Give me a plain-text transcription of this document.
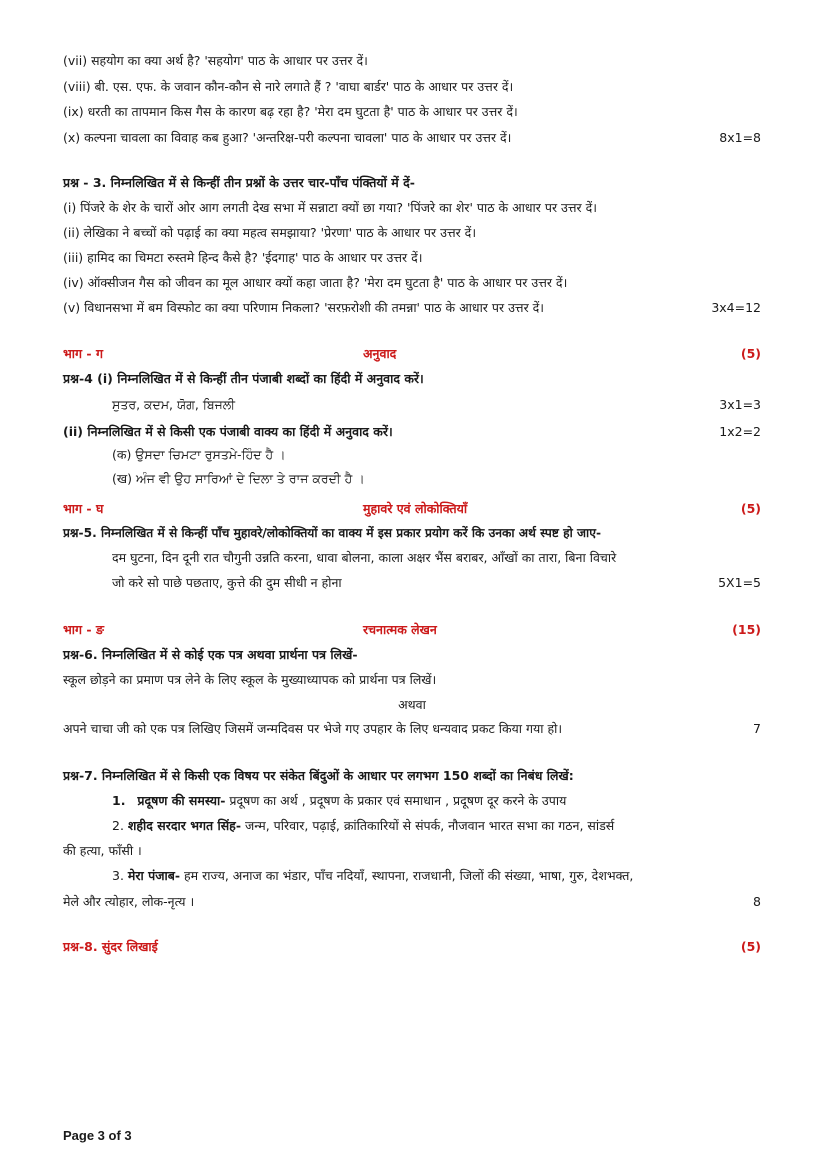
(vii) सहयोग का क्या अर्थ है? 'सहयोग' पाठ के आधार पर उत्तर दें।
(viii) बी. एस. एफ. के जवान कौन-कौन से नारे लगाते हैं ? 'वाघा बार्डर' पाठ के आधार पर उत्तर दें।
(ix) धरती का तापमान किस गैस के कारण बढ़ रहा है? 'मेरा दम घुटता है' पाठ के आधार पर उत्तर दें।
(x) कल्पना चावला का विवाह कब हुआ? 'अन्तरिक्ष-परी कल्पना चावला' पाठ के आधार पर उत्तर दें।	8x1=8
प्रश्न - 3. निम्नलिखित में से किन्हीं तीन प्रश्नों के उत्तर चार-पाँच पंक्तियों में दें-
(i) पिंजरे के शेर के चारों ओर आग लगती देख सभा में सन्नाटा क्यों छा गया? 'पिंजरे का शेर' पाठ के आधार पर उत्तर दें।
(ii) लेखिका ने बच्चों को पढ़ाई का क्या महत्व समझाया? 'प्रेरणा' पाठ के आधार पर उत्तर दें।
(iii) हामिद का चिमटा रुस्तमे हिन्द कैसे है? 'ईदगाह' पाठ के आधार पर उत्तर दें।
(iv) ऑक्सीजन गैस को जीवन का मूल आधार क्यों कहा जाता है? 'मेरा दम घुटता है' पाठ के आधार पर उत्तर दें।
(v) विधानसभा में बम विस्फोट का क्या परिणाम निकला? 'सरफ़रोशी की तमन्ना' पाठ के आधार पर उत्तर दें।	3x4=12
भाग - ग	अनुवाद	(5)
प्रश्न-4 (i) निम्नलिखित में से किन्हीं तीन पंजाबी शब्दों का हिंदी में अनुवाद करें।
ਸੁਤਰ, ਕਦਮ, ਯੋਗ, ਬਿਜਲੀ	3x1=3
(ii) निम्नलिखित में से किसी एक पंजाबी वाक्य का हिंदी में अनुवाद करें।	1x2=2
(क) ਉਸਦਾ ਚਿਮਟਾ ਰੁਸਤਮੇ-ਹਿੰਦ ਹੈ ।
(ख) ਅੰਜ ਵੀ ਉਹ ਸਾਰਿਆਂ ਦੇ ਦਿਲਾ ਤੇ ਰਾਜ ਕਰਦੀ ਹੈ ।
भाग - घ	मुहावरे एवं लोकोक्तियाँ	(5)
प्रश्न-5. निम्नलिखित में से किन्हीं पाँच मुहावरे/लोकोक्तियों का वाक्य में इस प्रकार प्रयोग करें कि उनका अर्थ स्पष्ट हो जाए-
दम घुटना, दिन दूनी रात चौगुनी उन्नति करना, धावा बोलना, काला अक्षर भैंस बराबर, आँखों का तारा, बिना विचारे
जो करे सो पाछे पछताए, कुत्ते की दुम सीधी न होना	5X1=5
भाग - ङ	रचनात्मक लेखन	(15)
प्रश्न-6. निम्नलिखित में से कोई एक पत्र अथवा प्रार्थना पत्र लिखें-
स्कूल छोड़ने का प्रमाण पत्र लेने के लिए स्कूल के मुख्याध्यापक को प्रार्थना पत्र लिखें।
अथवा
अपने चाचा जी को एक पत्र लिखिए जिसमें जन्मदिवस पर भेजे गए उपहार के लिए धन्यवाद प्रकट किया गया हो।	7
प्रश्न-7. निम्नलिखित में से किसी एक विषय पर संकेत बिंदुओं के आधार पर लगभग 150 शब्दों का निबंध लिखें:
1. प्रदूषण की समस्या- प्रदूषण का अर्थ , प्रदूषण के प्रकार एवं समाधान , प्रदूषण दूर करने के उपाय
2. शहीद सरदार भगत सिंह- जन्म, परिवार, पढ़ाई, क्रांतिकारियों से संपर्क, नौजवान भारत सभा का गठन, सांडर्स
की हत्या, फाँसी ।
3. मेरा पंजाब- हम राज्य, अनाज का भंडार, पाँच नदियाँ, स्थापना, राजधानी, जिलों की संख्या, भाषा, गुरु, देशभक्त,
मेले और त्योहार, लोक-नृत्य ।	8
प्रश्न-8. सुंदर लिखाई	(5)
Page 3 of 3
